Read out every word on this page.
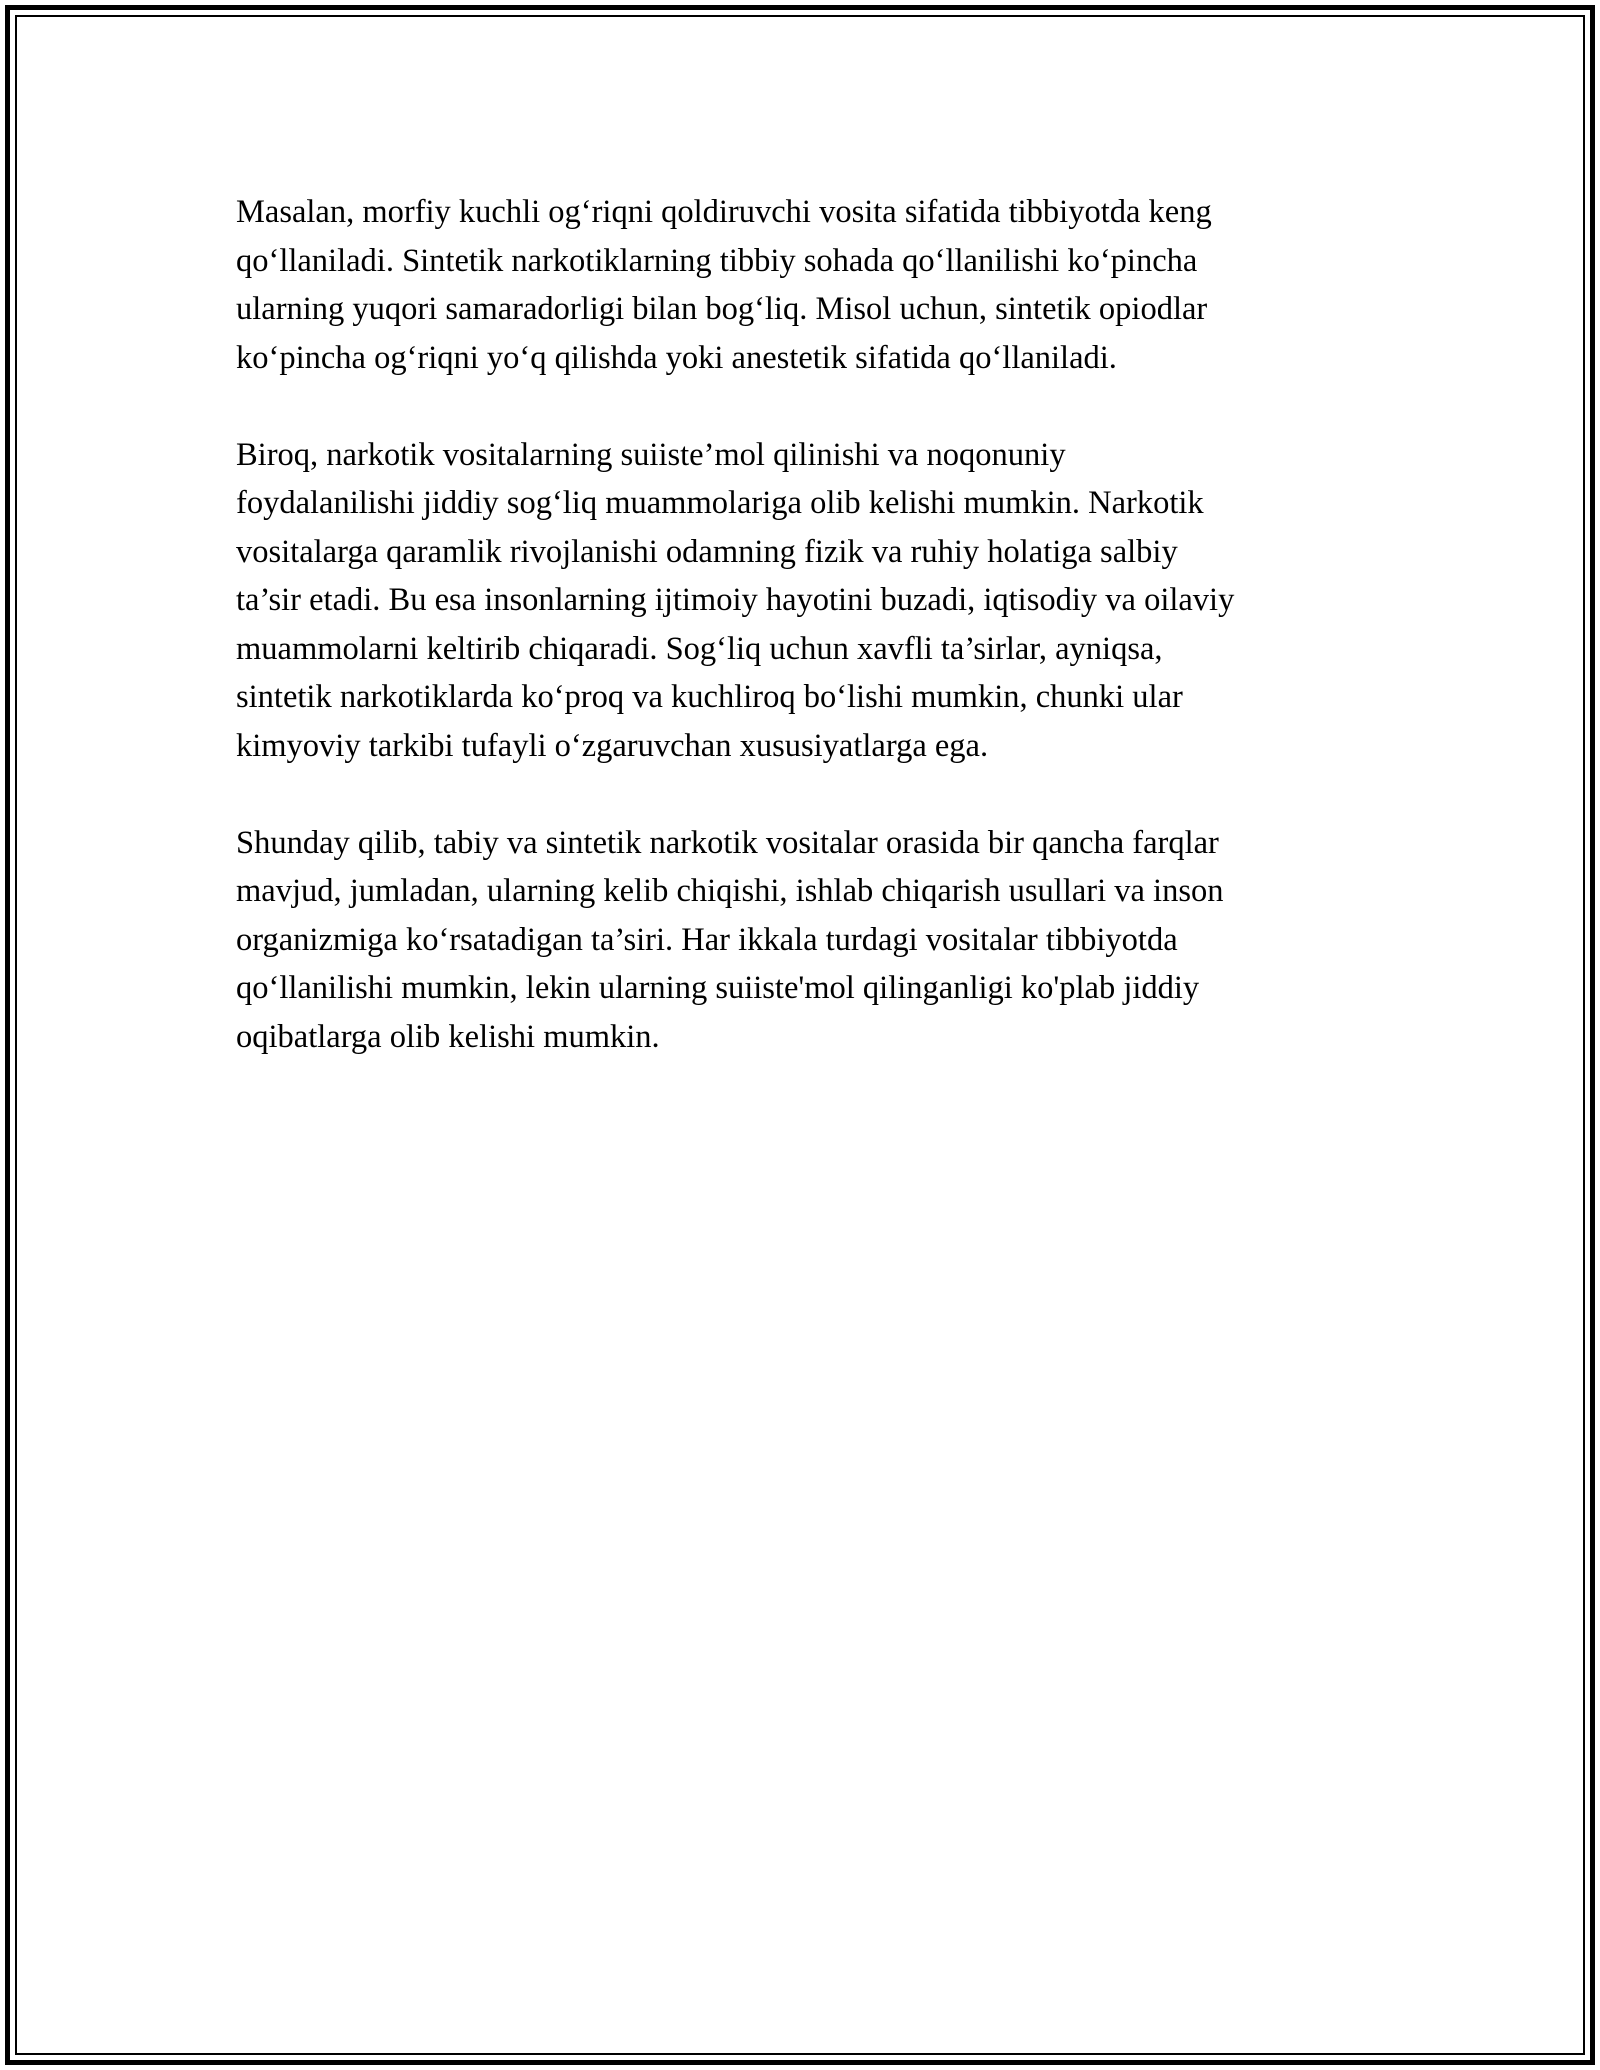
Masalan, morfiy kuchli og‘riqni qoldiruvchi vosita sifatida tibbiyotda keng
qo‘llaniladi. Sintetik narkotiklarning tibbiy sohada qo‘llanilishi ko‘pincha
ularning yuqori samaradorligi bilan bog‘liq. Misol uchun, sintetik opiodlar
ko‘pincha og‘riqni yo‘q qilishda yoki anestetik sifatida qo‘llaniladi.

Biroq, narkotik vositalarning suiiste’mol qilinishi va noqonuniy
foydalanilishi jiddiy sog‘liq muammolariga olib kelishi mumkin. Narkotik
vositalarga qaramlik rivojlanishi odamning fizik va ruhiy holatiga salbiy
ta’sir etadi. Bu esa insonlarning ijtimoiy hayotini buzadi, iqtisodiy va oilaviy
muammolarni keltirib chiqaradi. Sog‘liq uchun xavfli ta’sirlar, ayniqsa,
sintetik narkotiklarda ko‘proq va kuchliroq bo‘lishi mumkin, chunki ular
kimyoviy tarkibi tufayli o‘zgaruvchan xususiyatlarga ega.

Shunday qilib, tabiy va sintetik narkotik vositalar orasida bir qancha farqlar
mavjud, jumladan, ularning kelib chiqishi, ishlab chiqarish usullari va inson
organizmiga ko‘rsatadigan ta’siri. Har ikkala turdagi vositalar tibbiyotda
qo‘llanilishi mumkin, lekin ularning suiiste'mol qilinganligi ko'plab jiddiy
oqibatlarga olib kelishi mumkin.
